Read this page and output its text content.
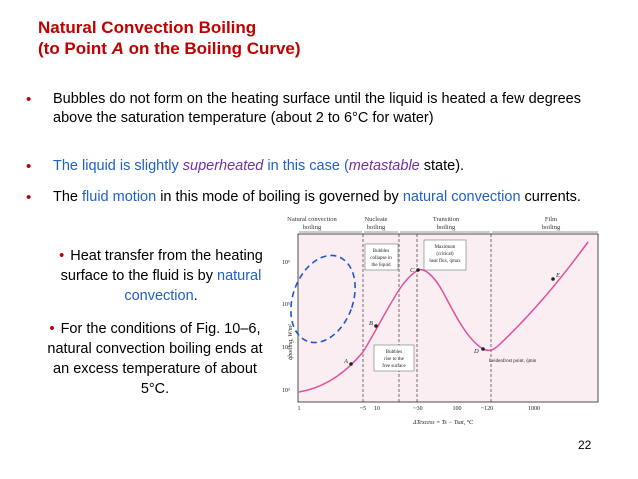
Natural Convection Boiling
(to Point A on the Boiling Curve)
• Bubbles do not form on the heating surface until the liquid is heated a few degrees above the saturation temperature (about 2 to 6°C for water)
• The liquid is slightly superheated in this case (metastable state).
• The fluid motion in this mode of boiling is governed by natural convection currents.
• Heat transfer from the heating surface to the fluid is by natural convection.
• For the conditions of Fig. 10–6, natural convection boiling ends at an excess temperature of about 5°C.
Natural convection
boiling
Nucleate
boiling
Transition
boiling
Film
boiling
10⁶
10⁵
10⁴
10³
q̇boiling, W/m²
1	~5 10	~30	100	~120	1000
ΔTexcess = Ts − Tsat, °C
A
B
C
D
E
Bubbles
collapse in
the liquid
Bubbles
rise to the
free surface
Maximum
(critical)
heat flux, q̇max
Leidenfrost point, q̇min
22
